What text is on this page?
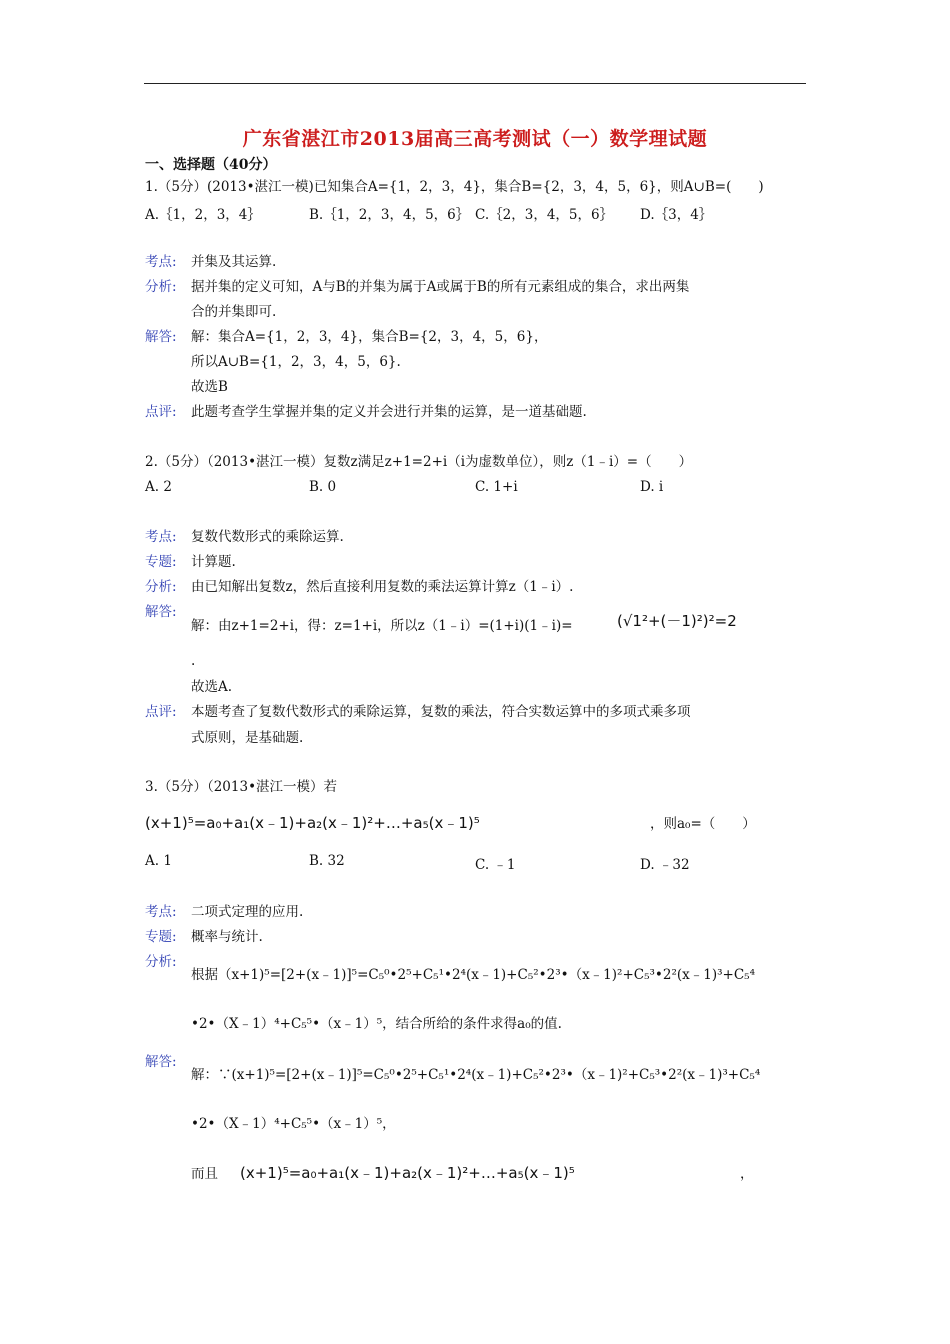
广东省湛江市2013届高三高考测试（一）数学理试题
一、选择题（40分）
1.（5分）(2013•湛江一模)已知集合A={1，2，3，4}，集合B={2，3，4，5，6}，则A∪B=(　　)
A.｛1，2，3，4｝	B.｛1，2，3，4，5，6｝ C.｛2，3，4，5，6｝ D.｛3，4｝
考点: 并集及其运算.
分析: 据并集的定义可知，A与B的并集为属于A或属于B的所有元素组成的集合，求出两集
合的并集即可.
解答: 解：集合A={1，2，3，4}，集合B={2，3，4，5，6}，
所以A∪B={1，2，3，4，5，6}.
故选B
点评: 此题考查学生掌握并集的定义并会进行并集的运算，是一道基础题.
2.（5分）（2013•湛江一模）复数z满足z+1=2+i（i为虚数单位），则z（1﹣i）=（　　）
A. 2	B. 0	C. 1+i	D. i
考点: 复数代数形式的乘除运算.
专题: 计算题.
分析: 由已知解出复数z，然后直接利用复数的乘法运算计算z（1﹣i）.
解答:
解：由z+1=2+i，得：z=1+i，所以z（1﹣i）=(1+i)(1﹣i)=	(√1²+(－1)²)²=2
.
故选A.
点评: 本题考查了复数代数形式的乘除运算，复数的乘法，符合实数运算中的多项式乘多项
式原则，是基础题.
3.（5分）（2013•湛江一模）若
(x+1)⁵=a₀+a₁(x﹣1)+a₂(x﹣1)²+…+a₅(x﹣1)⁵	，则a₀=（　　）
A. 1	B. 32	C. ﹣1	D. ﹣32
考点: 二项式定理的应用.
专题: 概率与统计.
分析:
根据（x+1)⁵=[2+(x﹣1)]⁵=C₅⁰•2⁵+C₅¹•2⁴(x﹣1)+C₅²•2³•（x﹣1)²+C₅³•2²(x﹣1)³+C₅⁴
•2•（X﹣1）⁴+C₅⁵•（x﹣1）⁵，结合所给的条件求得a₀的值.
解答:
解：∵(x+1)⁵=[2+(x﹣1)]⁵=C₅⁰•2⁵+C₅¹•2⁴(x﹣1)+C₅²•2³•（x﹣1)²+C₅³•2²(x﹣1)³+C₅⁴
•2•（X﹣1）⁴+C₅⁵•（x﹣1）⁵，
而且 (x+1)⁵=a₀+a₁(x﹣1)+a₂(x﹣1)²+…+a₅(x﹣1)⁵	，
